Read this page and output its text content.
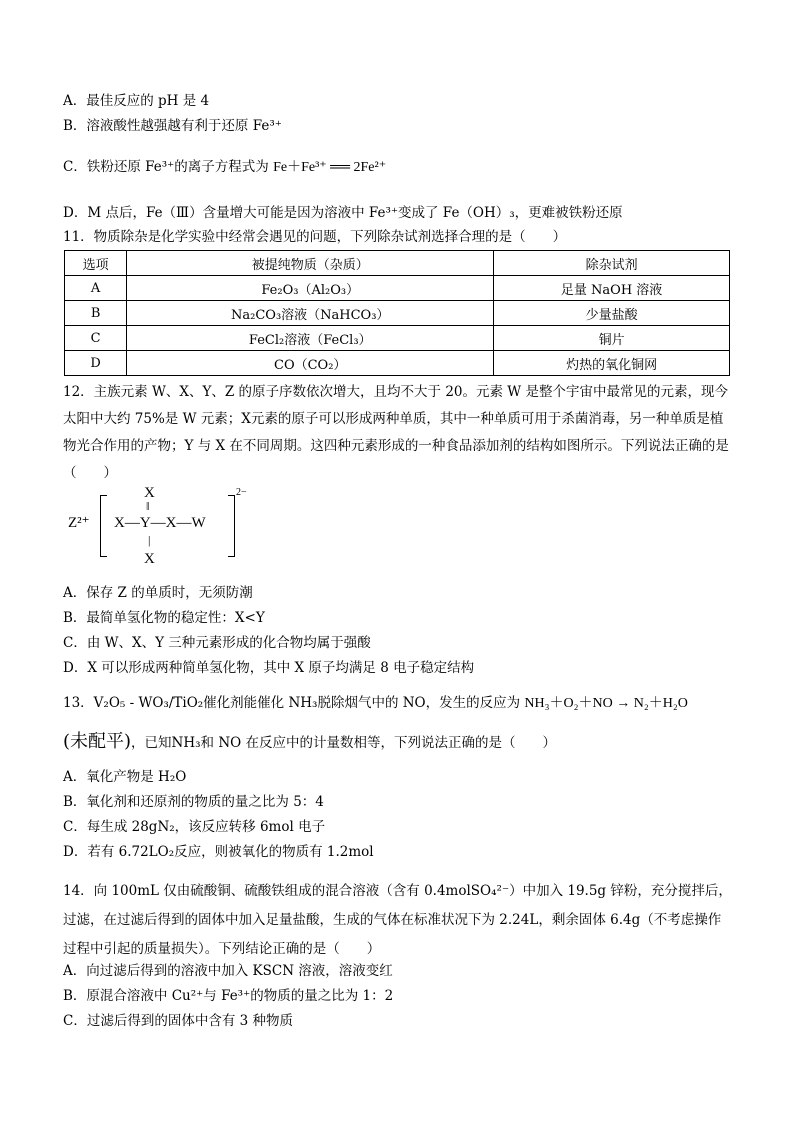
A．最佳反应的 pH 是 4
B．溶液酸性越强越有利于还原 Fe³⁺
C．铁粉还原 Fe³⁺的离子方程式为 Fe＋Fe³⁺ ══ 2Fe²⁺
D．M 点后，Fe（Ⅲ）含量增大可能是因为溶液中 Fe³⁺变成了 Fe（OH）₃，更难被铁粉还原
11．物质除杂是化学实验中经常会遇见的问题，下列除杂试剂选择合理的是（　　）
选项	被提纯物质（杂质）	除杂试剂
A	Fe₂O₃（Al₂O₃）	足量 NaOH 溶液
B	Na₂CO₃溶液（NaHCO₃）	少量盐酸
C	FeCl₂溶液（FeCl₃）	铜片
D	CO（CO₂）	灼热的氧化铜网
12．主族元素 W、X、Y、Z 的原子序数依次增大，且均不大于 20。元素 W 是整个宇宙中最常见的元素，现今太阳中大约 75%是 W 元素；X元素的原子可以形成两种单质，其中一种单质可用于杀菌消毒，另一种单质是植物光合作用的产物；Y 与 X 在不同周期。这四种元素形成的一种食品添加剂的结构如图所示。下列说法正确的是（　　）
Z²⁺
X
‖
X—Y—X—W
|
X
2−
A．保存 Z 的单质时，无须防潮
B．最简单氢化物的稳定性：X<Y
C．由 W、X、Y 三种元素形成的化合物均属于强酸
D．X 可以形成两种简单氢化物，其中 X 原子均满足 8 电子稳定结构
13．V₂O₅ - WO₃/TiO₂催化剂能催化 NH₃脱除烟气中的 NO，发生的反应为 NH₃＋O₂＋NO → N₂＋H₂O
(未配平)，已知NH₃和 NO 在反应中的计量数相等，下列说法正确的是（　　）
A．氧化产物是 H₂O
B．氧化剂和还原剂的物质的量之比为 5：4
C．每生成 28gN₂，该反应转移 6mol 电子
D．若有 6.72LO₂反应，则被氧化的物质有 1.2mol
14．向 100mL 仅由硫酸铜、硫酸铁组成的混合溶液（含有 0.4molSO₄²⁻）中加入 19.5g 锌粉，充分搅拌后，过滤，在过滤后得到的固体中加入足量盐酸，生成的气体在标准状况下为 2.24L，剩余固体 6.4g（不考虑操作过程中引起的质量损失）。下列结论正确的是（　　）
A．向过滤后得到的溶液中加入 KSCN 溶液，溶液变红
B．原混合溶液中 Cu²⁺与 Fe³⁺的物质的量之比为 1：2
C．过滤后得到的固体中含有 3 种物质
